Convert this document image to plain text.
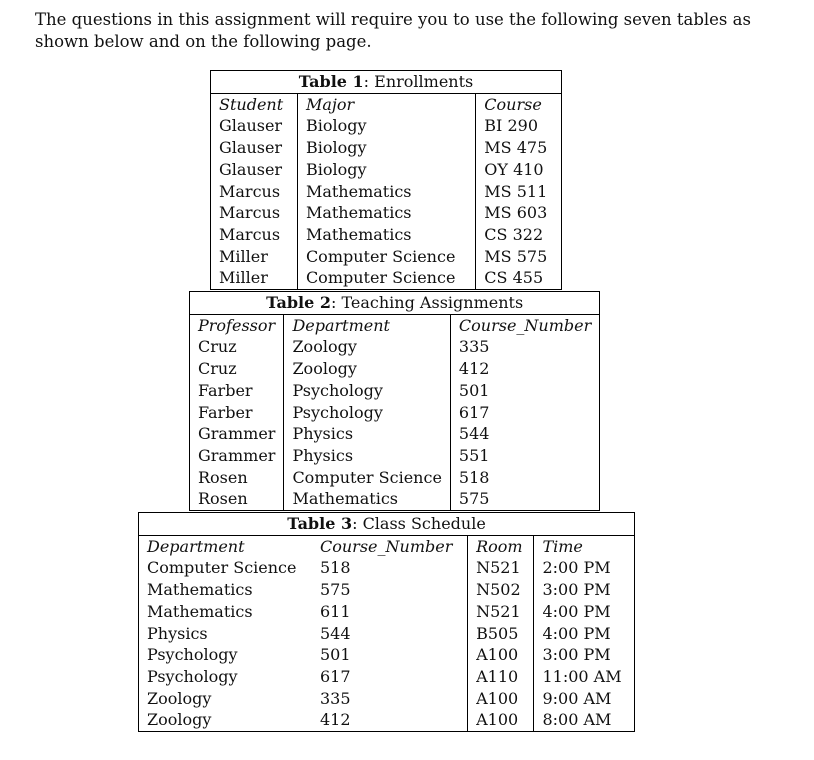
The questions in this assignment will require you to use the following seven tables as shown below and on the following page.
Table 1: Enrollments		
Student	Major	Course
Glauser	Biology	BI 290
Glauser	Biology	MS 475
Glauser	Biology	OY 410
Marcus	Mathematics	MS 511
Marcus	Mathematics	MS 603
Marcus	Mathematics	CS 322
Miller	Computer Science	MS 575
Miller	Computer Science	CS 455
Table 2: Teaching Assignments		
Professor	Department	Course_Number
Cruz	Zoology	335
Cruz	Zoology	412
Farber	Psychology	501
Farber	Psychology	617
Grammer	Physics	544
Grammer	Physics	551
Rosen	Computer Science	518
Rosen	Mathematics	575
Table 3: Class Schedule			
Department	Course_Number	Room	Time
Computer Science	518	N521	2:00 PM
Mathematics	575	N502	3:00 PM
Mathematics	611	N521	4:00 PM
Physics	544	B505	4:00 PM
Psychology	501	A100	3:00 PM
Psychology	617	A110	11:00 AM
Zoology	335	A100	9:00 AM
Zoology	412	A100	8:00 AM
